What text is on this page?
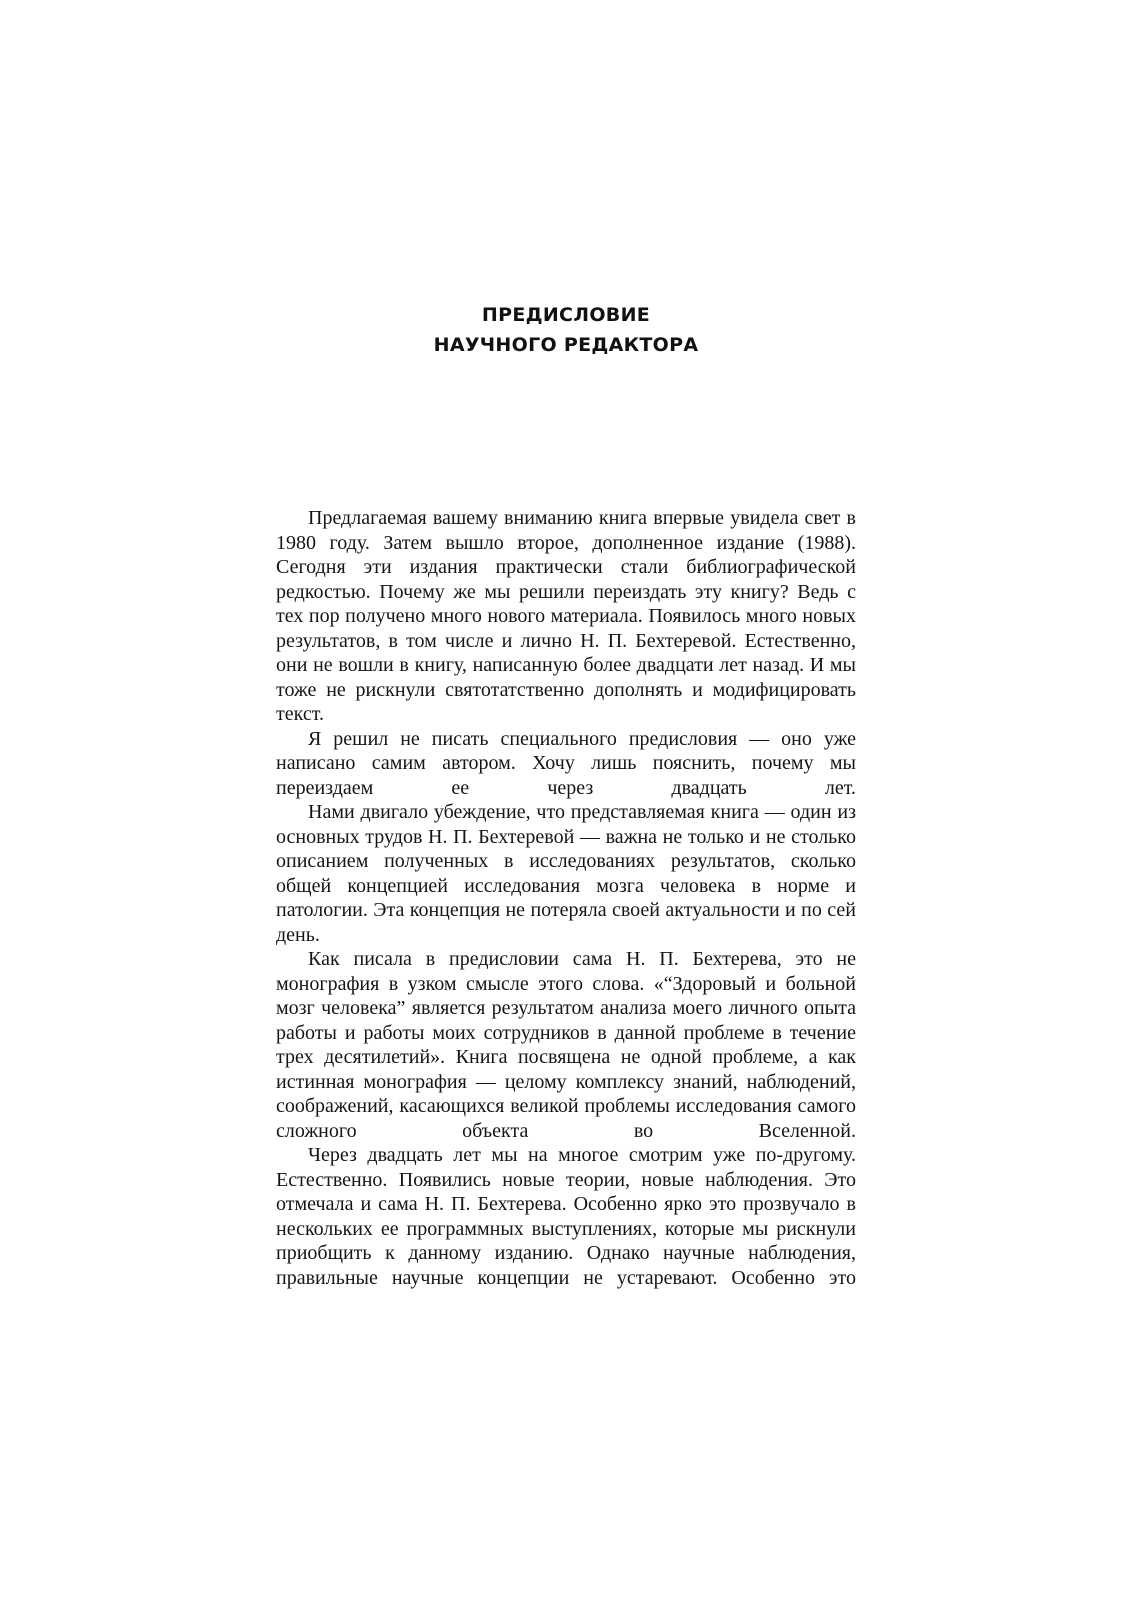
ПРЕДИСЛОВИЕ
НАУЧНОГО РЕДАКТОРА

Предлагаемая вашему вниманию книга впервые увидела свет в 1980 году. Затем вышло второе, дополненное издание (1988). Сегодня эти издания практически стали библиографической редкостью. Почему же мы решили переиздать эту книгу? Ведь с тех пор получено много нового материала. Появилось много новых результатов, в том числе и лично Н. П. Бехтеревой. Естественно, они не вошли в книгу, написанную более двадцати лет назад. И мы тоже не рискнули святотатственно дополнять и модифицировать текст.

Я решил не писать специального предисловия — оно уже написано самим автором. Хочу лишь пояснить, почему мы переиздаем ее через двадцать лет.

Нами двигало убеждение, что представляемая книга — один из основных трудов Н. П. Бехтеревой — важна не только и не столько описанием полученных в исследованиях результатов, сколько общей концепцией исследования мозга человека в норме и патологии. Эта концепция не потеряла своей актуальности и по сей день.

Как писала в предисловии сама Н. П. Бехтерева, это не монография в узком смысле этого слова. «“Здоровый и больной мозг человека” является результатом анализа моего личного опыта работы и работы моих сотрудников в данной проблеме в течение трех десятилетий». Книга посвящена не одной проблеме, а как истинная монография — целому комплексу знаний, наблюдений, соображений, касающихся великой проблемы исследования самого сложного объекта во Вселенной.

Через двадцать лет мы на многое смотрим уже по-другому. Естественно. Появились новые теории, новые наблюдения. Это отмечала и сама Н. П. Бехтерева. Особенно ярко это прозвучало в нескольких ее программных выступлениях, которые мы рискнули приобщить к данному изданию. Однако научные наблюдения, правильные научные концепции не устаревают. Особенно это
